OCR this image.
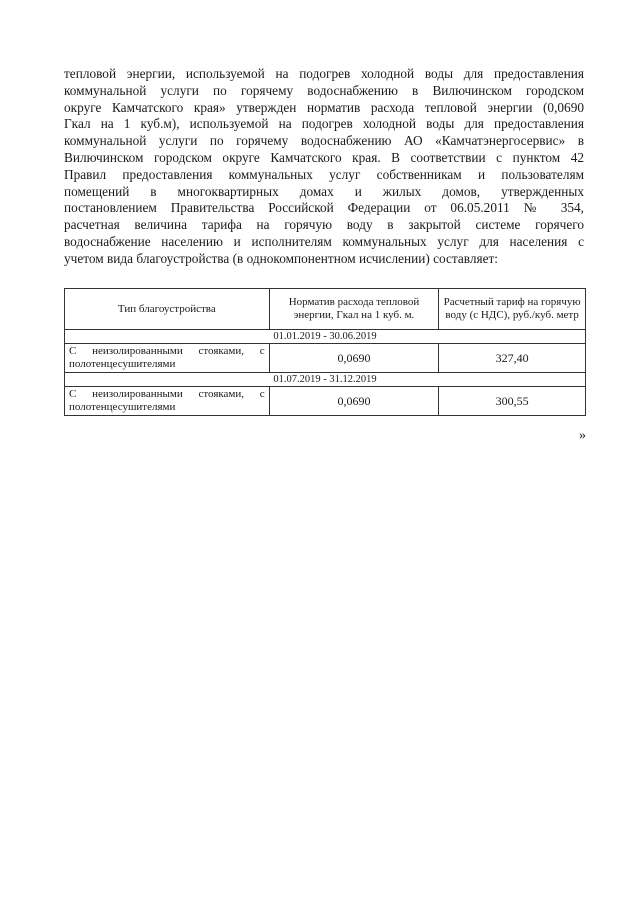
тепловой энергии, используемой на подогрев холодной воды для предоставления
коммунальной услуги по горячему водоснабжению в Вилючинском городском
округе Камчатского края» утвержден норматив расхода тепловой энергии (0,0690
Гкал на 1 куб.м), используемой на подогрев холодной воды для предоставления
коммунальной услуги по горячему водоснабжению АО «Камчатэнергосервис» в
Вилючинском городском округе Камчатского края. В соответствии с пунктом 42
Правил предоставления коммунальных услуг собственникам и пользователям
помещений в многоквартирных домах и жилых домов, утвержденных
постановлением Правительства Российской Федерации от 06.05.2011 № 354,
расчетная величина тарифа на горячую воду в закрытой системе горячего
водоснабжение населению и исполнителям коммунальных услуг для населения с
учетом вида благоустройства (в однокомпонентном исчислении) составляет:
Тип благоустройства	Норматив расхода тепловой энергии, Гкал на 1 куб. м.	Расчетный тариф на горячую воду (с НДС), руб./куб. метр
01.01.2019 - 30.06.2019		
С неизолированными стояками, с полотенцесушителями	0,0690	327,40
01.07.2019 - 31.12.2019		
С неизолированными стояками, с полотенцесушителями	0,0690	300,55
»
